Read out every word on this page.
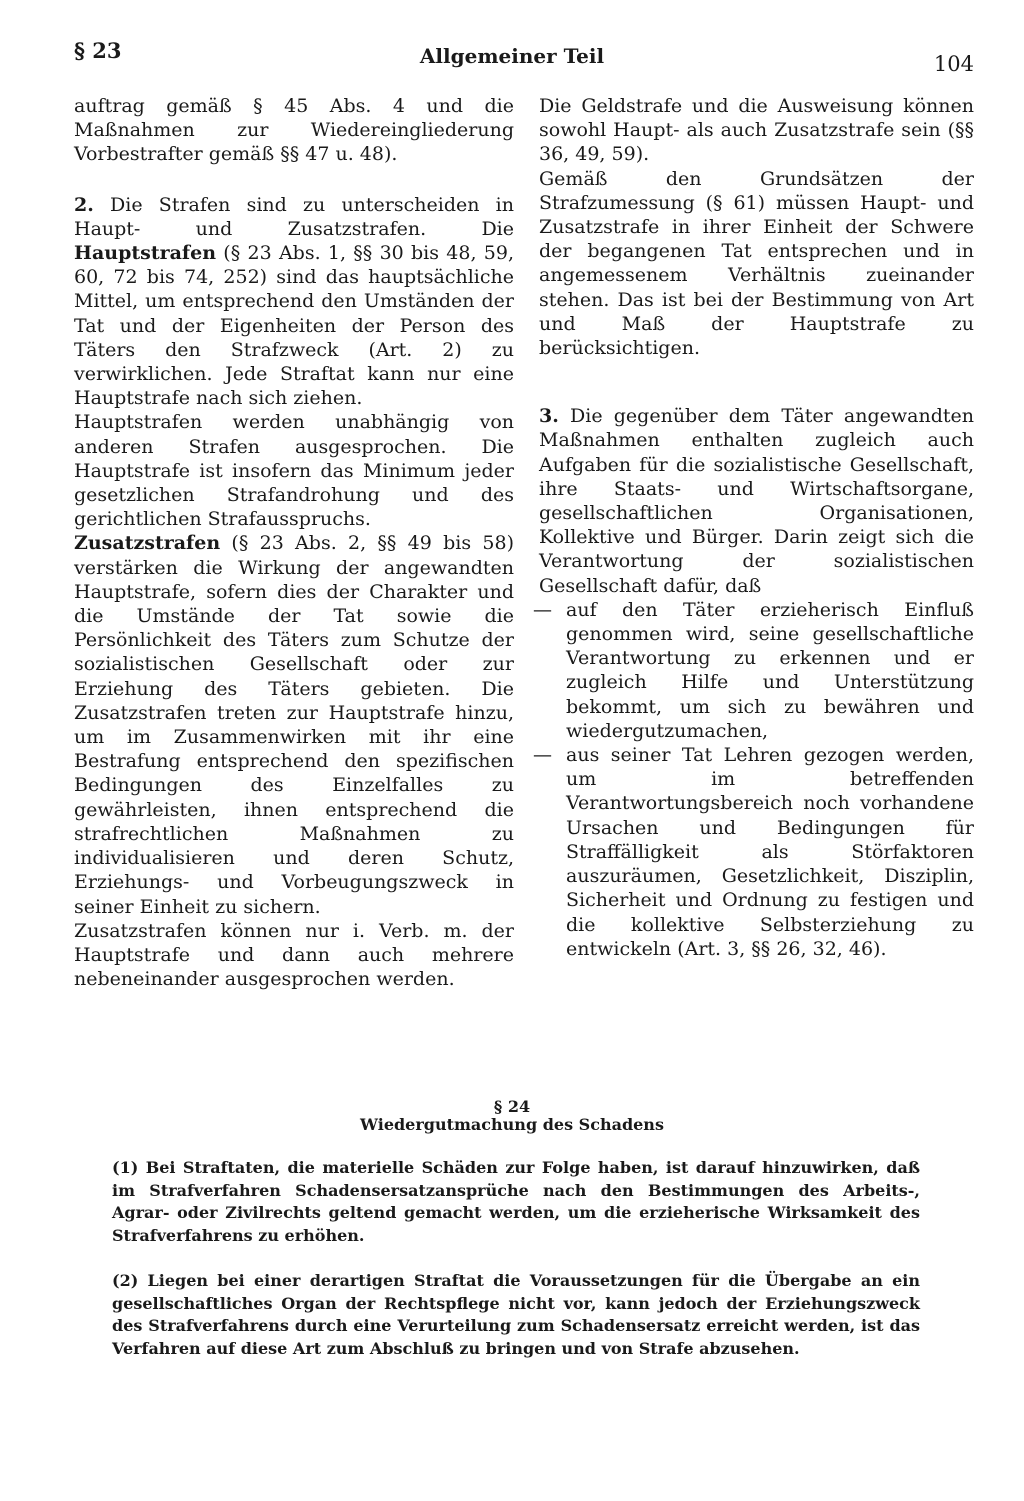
§ 23	Allgemeiner Teil	104

auftrag gemäß § 45 Abs. 4 und die Maßnahmen zur Wiedereingliederung Vorbestrafter gemäß §§ 47 u. 48).

2. Die Strafen sind zu unterscheiden in Haupt- und Zusatzstrafen. Die Hauptstrafen (§ 23 Abs. 1, §§ 30 bis 48, 59, 60, 72 bis 74, 252) sind das hauptsächliche Mittel, um entsprechend den Umständen der Tat und der Eigenheiten der Person des Täters den Strafzweck (Art. 2) zu verwirklichen. Jede Straftat kann nur eine Hauptstrafe nach sich ziehen.

Hauptstrafen werden unabhängig von anderen Strafen ausgesprochen. Die Hauptstrafe ist insofern das Minimum jeder gesetzlichen Strafandrohung und des gerichtlichen Strafausspruchs.

Zusatzstrafen (§ 23 Abs. 2, §§ 49 bis 58) verstärken die Wirkung der angewandten Hauptstrafe, sofern dies der Charakter und die Umstände der Tat sowie die Persönlichkeit des Täters zum Schutze der sozialistischen Gesellschaft oder zur Erziehung des Täters gebieten. Die Zusatzstrafen treten zur Hauptstrafe hinzu, um im Zusammenwirken mit ihr eine Bestrafung entsprechend den spezifischen Bedingungen des Einzelfalles zu gewährleisten, ihnen entsprechend die strafrechtlichen Maßnahmen zu individualisieren und deren Schutz, Erziehungs- und Vorbeugungszweck in seiner Einheit zu sichern.

Zusatzstrafen können nur i. Verb. m. der Hauptstrafe und dann auch mehrere nebeneinander ausgesprochen werden.

Die Geldstrafe und die Ausweisung können sowohl Haupt- als auch Zusatzstrafe sein (§§ 36, 49, 59).

Gemäß den Grundsätzen der Strafzumessung (§ 61) müssen Haupt- und Zusatzstrafe in ihrer Einheit der Schwere der begangenen Tat entsprechen und in angemessenem Verhältnis zueinander stehen. Das ist bei der Bestimmung von Art und Maß der Hauptstrafe zu berücksichtigen.

3. Die gegenüber dem Täter angewandten Maßnahmen enthalten zugleich auch Aufgaben für die sozialistische Gesellschaft, ihre Staats- und Wirtschaftsorgane, gesellschaftlichen Organisationen, Kollektive und Bürger. Darin zeigt sich die Verantwortung der sozialistischen Gesellschaft dafür, daß

— auf den Täter erzieherisch Einfluß genommen wird, seine gesellschaftliche Verantwortung zu erkennen und er zugleich Hilfe und Unterstützung bekommt, um sich zu bewähren und wiedergutzumachen,
— aus seiner Tat Lehren gezogen werden, um im betreffenden Verantwortungsbereich noch vorhandene Ursachen und Bedingungen für Straffälligkeit als Störfaktoren auszuräumen, Gesetzlichkeit, Disziplin, Sicherheit und Ordnung zu festigen und die kollektive Selbsterziehung zu entwickeln (Art. 3, §§ 26, 32, 46).
§ 24
Wiedergutmachung des Schadens

(1) Bei Straftaten, die materielle Schäden zur Folge haben, ist darauf hinzuwirken, daß im Strafverfahren Schadensersatzansprüche nach den Bestimmungen des Arbeits-, Agrar- oder Zivilrechts geltend gemacht werden, um die erzieherische Wirksamkeit des Strafverfahrens zu erhöhen.

(2) Liegen bei einer derartigen Straftat die Voraussetzungen für die Übergabe an ein gesellschaftliches Organ der Rechtspflege nicht vor, kann jedoch der Erziehungszweck des Strafverfahrens durch eine Verurteilung zum Schadensersatz erreicht werden, ist das Verfahren auf diese Art zum Abschluß zu bringen und von Strafe abzusehen.
